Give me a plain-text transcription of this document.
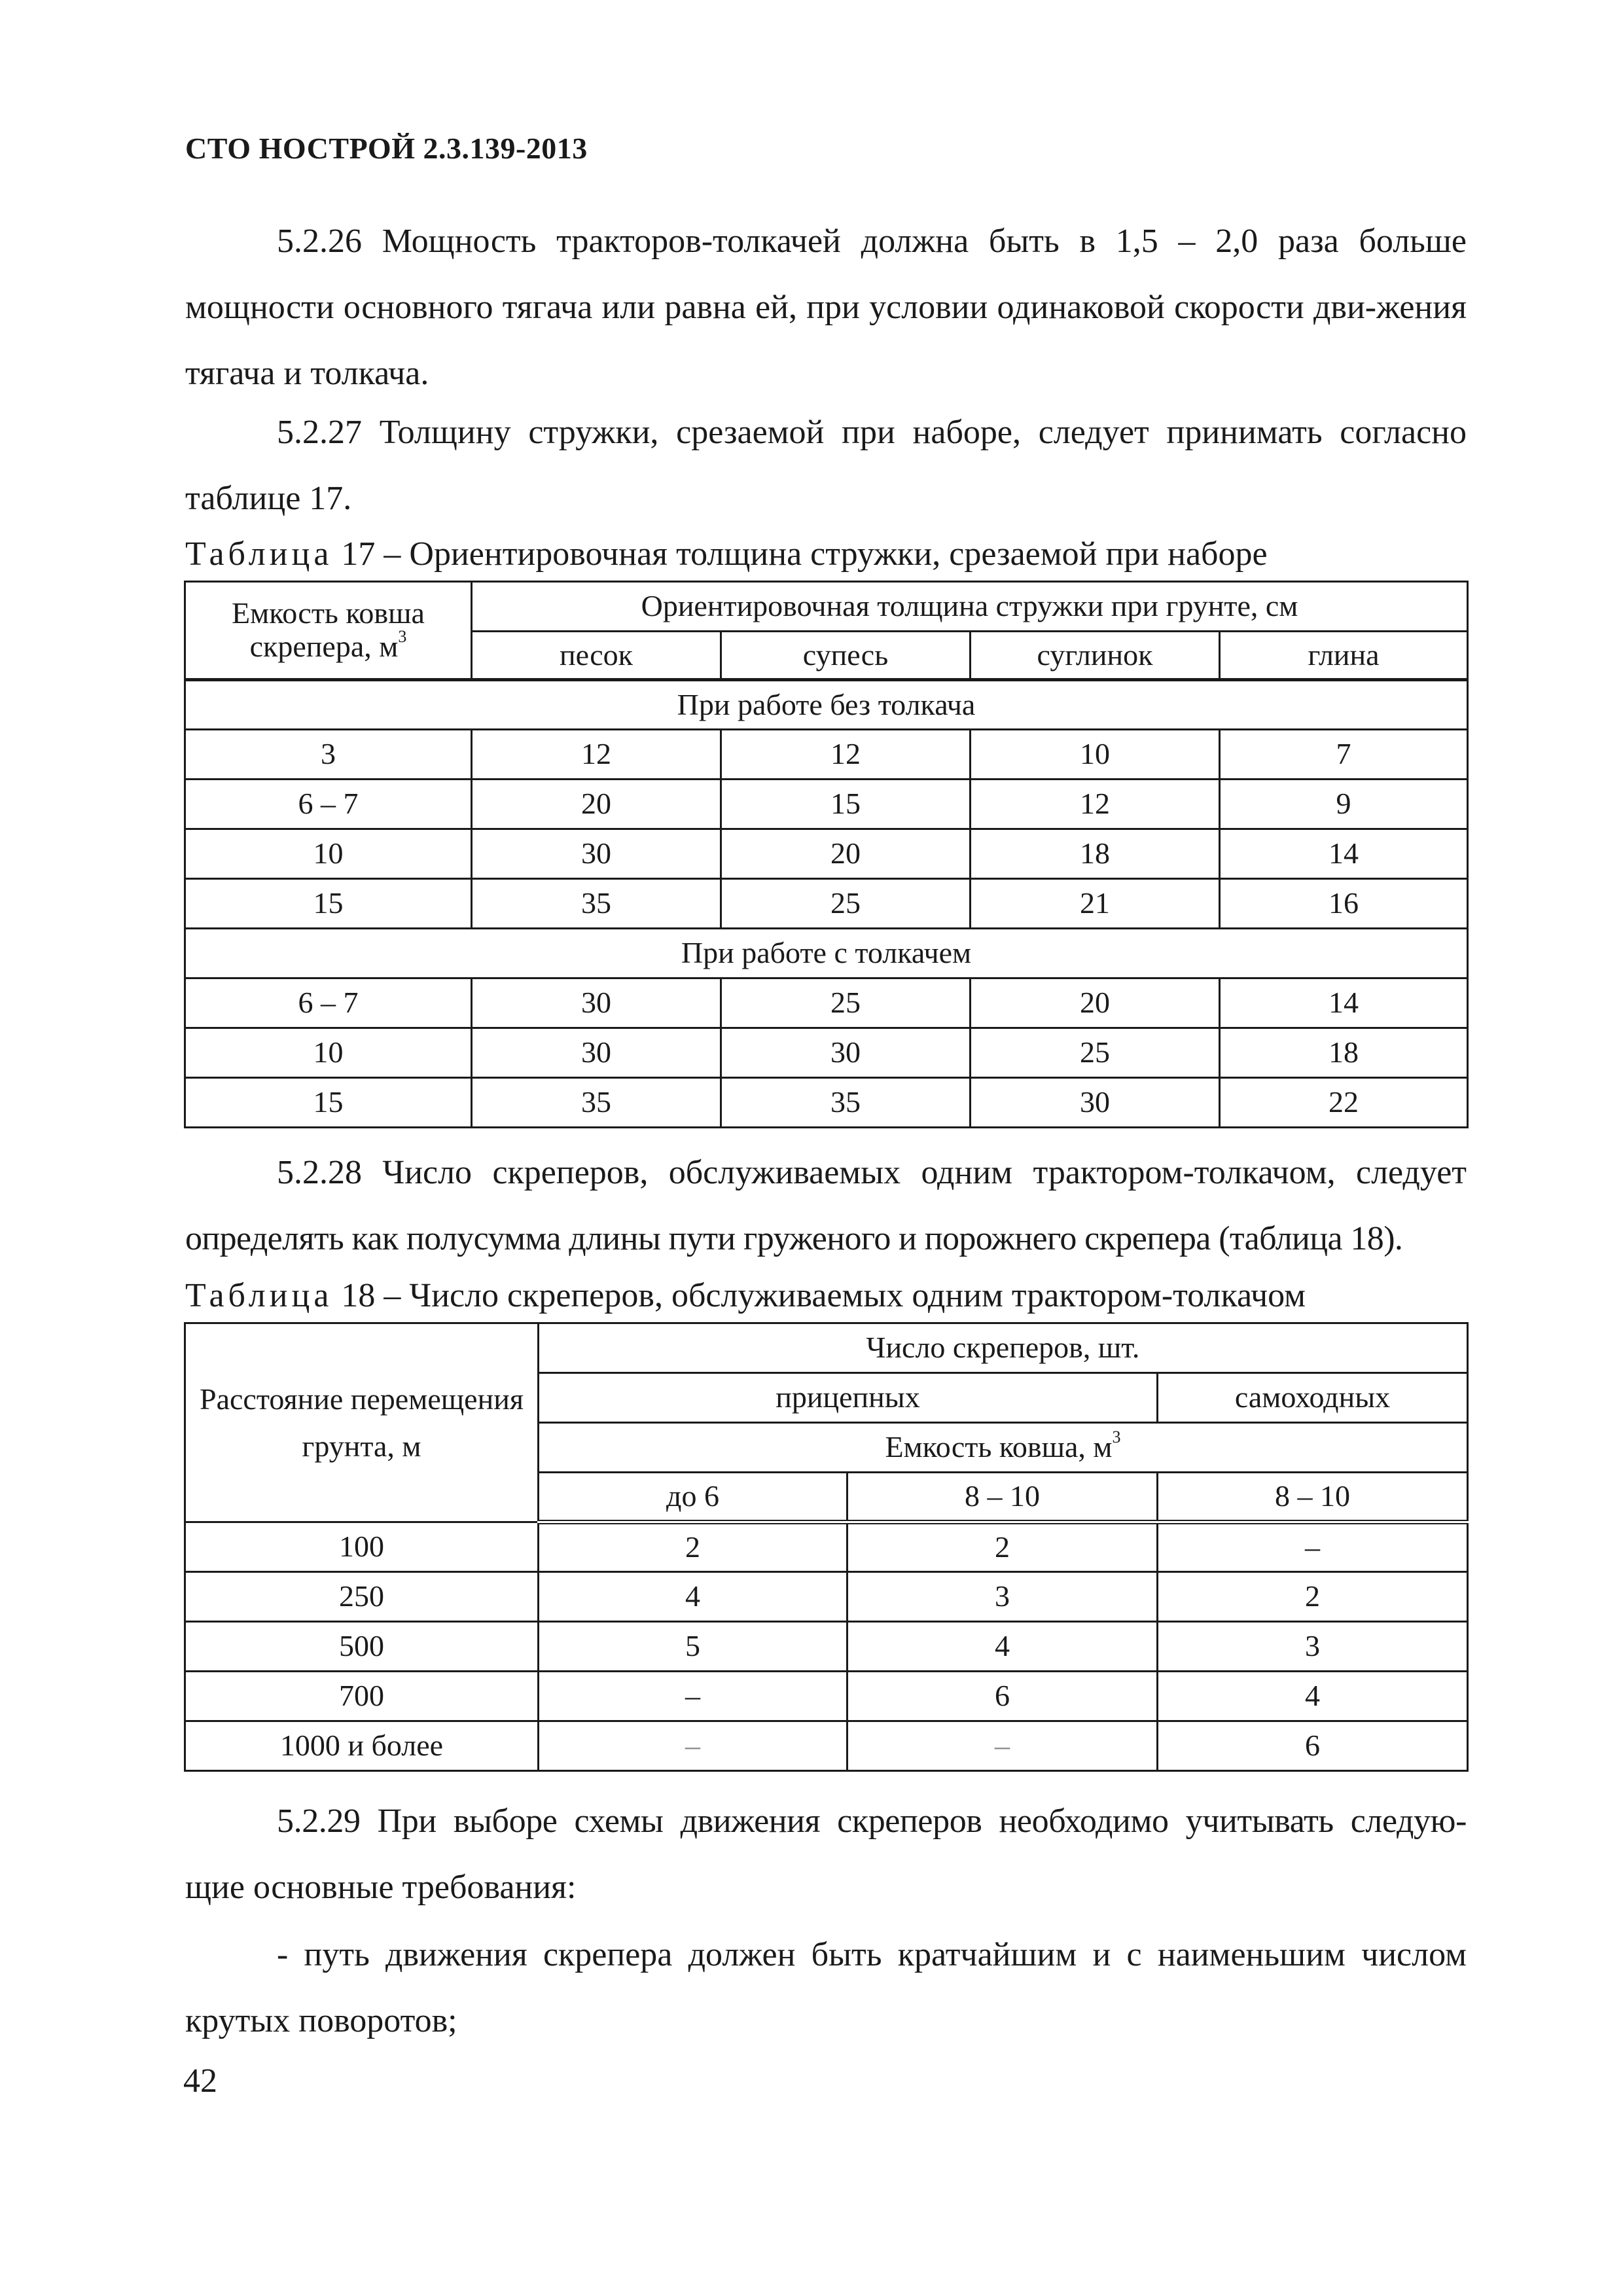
СТО НОСТРОЙ 2.3.139-2013
5.2.26 Мощность тракторов-толкачей должна быть в 1,5 – 2,0 раза больше
мощности основного тягача или равна ей, при условии одинаковой скорости дви-жения тягача и толкача.
5.2.27 Толщину стружки, срезаемой при наборе, следует принимать согласно
таблице 17.
Таблица 17 – Ориентировочная толщина стружки, срезаемой при наборе
Емкость ковша скрепера, $м^3$	Ориентировочная толщина стружки при грунте, см			
	песок	супесь	суглинок	глина
При работе без толкача				
3	12	12	10	7
6 – 7	20	15	12	9
10	30	20	18	14
15	35	25	21	16
При работе с толкачем				
6 – 7	30	25	20	14
10	30	30	25	18
15	35	35	30	22
5.2.28 Число скреперов, обслуживаемых одним трактором-толкачом, следует
определять как полусумма длины пути груженого и порожнего скрепера (таблица 18).
Таблица 18 – Число скреперов, обслуживаемых одним трактором-толкачом
Расстояние перемещения грунта, м	Число скреперов, шт.		
	прицепных		самоходных
	Емкость ковша, $м^3$
	до 6	8 – 10	8 – 10
100	2	2	–
250	4	3	2
500	5	4	3
700	–	6	4
1000 и более	–	–	6
5.2.29 При выборе схемы движения скреперов необходимо учитывать следую-
щие основные требования:
- путь движения скрепера должен быть кратчайшим и с наименьшим числом
крутых поворотов;
42
